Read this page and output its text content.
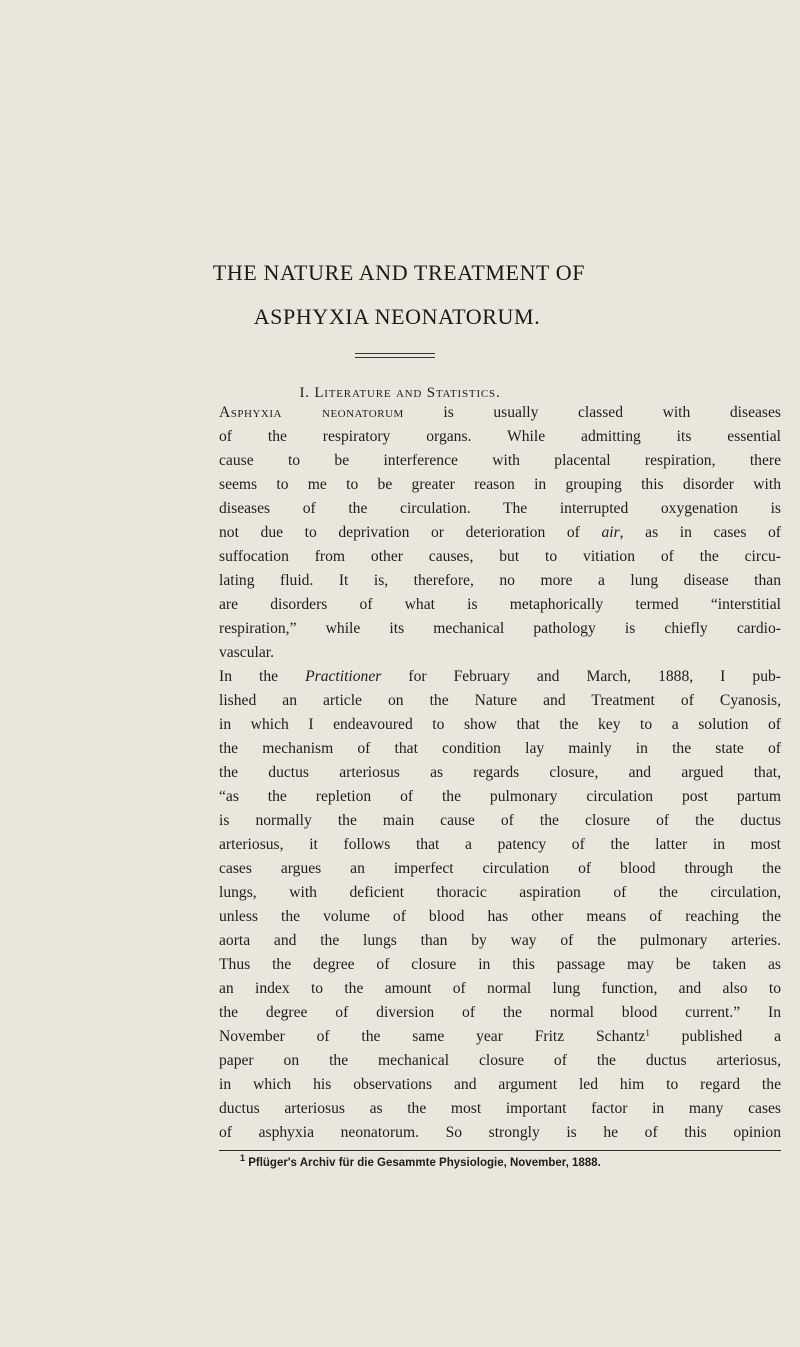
THE NATURE AND TREATMENT OF
ASPHYXIA NEONATORUM.
I. Literature and Statistics.
Asphyxia neonatorum is usually classed with diseases
of the respiratory organs. While admitting its essential
cause to be interference with placental respiration, there
seems to me to be greater reason in grouping this disorder with
diseases of the circulation. The interrupted oxygenation is
not due to deprivation or deterioration of air, as in cases of
suffocation from other causes, but to vitiation of the circu-
lating fluid. It is, therefore, no more a lung disease than
are disorders of what is metaphorically termed “interstitial
respiration,” while its mechanical pathology is chiefly cardio-
vascular.
In the Practitioner for February and March, 1888, I pub-
lished an article on the Nature and Treatment of Cyanosis,
in which I endeavoured to show that the key to a solution of
the mechanism of that condition lay mainly in the state of
the ductus arteriosus as regards closure, and argued that,
“as the repletion of the pulmonary circulation post partum
is normally the main cause of the closure of the ductus
arteriosus, it follows that a patency of the latter in most
cases argues an imperfect circulation of blood through the
lungs, with deficient thoracic aspiration of the circulation,
unless the volume of blood has other means of reaching the
aorta and the lungs than by way of the pulmonary arteries.
Thus the degree of closure in this passage may be taken as
an index to the amount of normal lung function, and also to
the degree of diversion of the normal blood current.” In
November of the same year Fritz Schantz$^1$ published a
paper on the mechanical closure of the ductus arteriosus,
in which his observations and argument led him to regard the
ductus arteriosus as the most important factor in many cases
of asphyxia neonatorum. So strongly is he of this opinion
$^1$ Pflüger's Archiv für die Gesammte Physiologie, November, 1888.
